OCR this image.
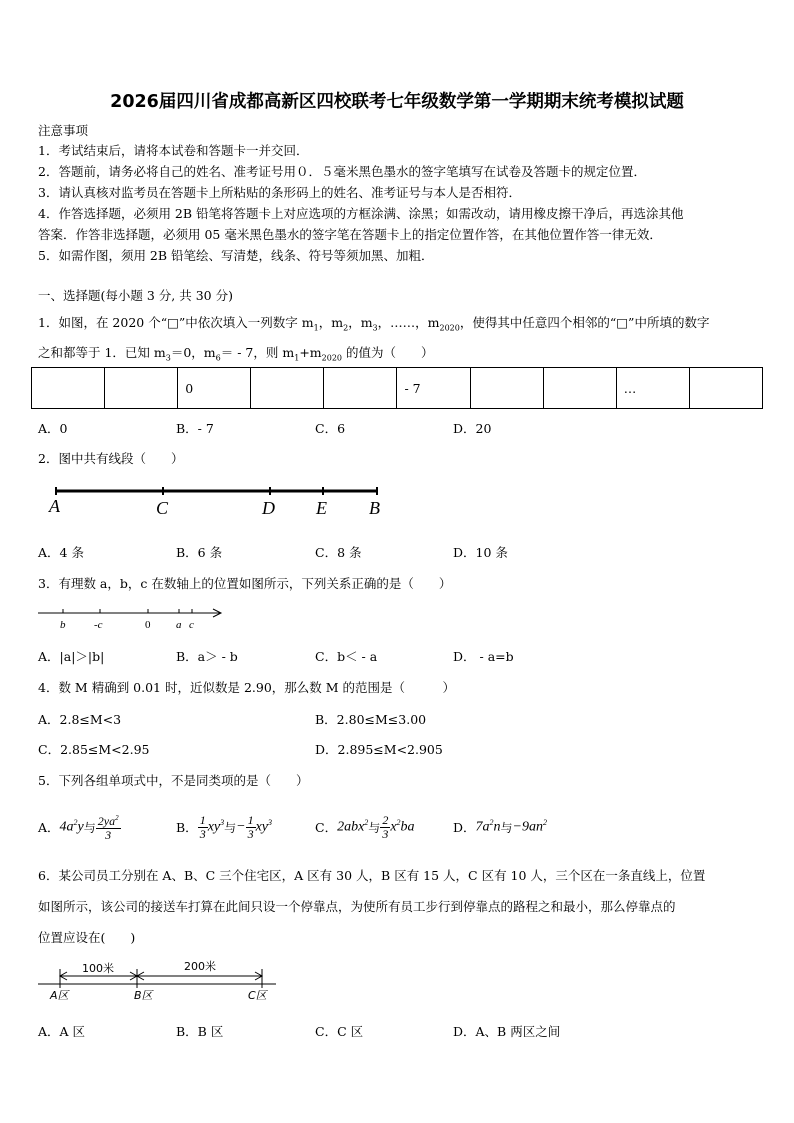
2026届四川省成都高新区四校联考七年级数学第一学期期末统考模拟试题
注意事项
1．考试结束后，请将本试卷和答题卡一并交回．
2．答题前，请务必将自己的姓名、准考证号用０．５毫米黑色墨水的签字笔填写在试卷及答题卡的规定位置．
3．请认真核对监考员在答题卡上所粘贴的条形码上的姓名、准考证号与本人是否相符．
4．作答选择题，必须用 2B 铅笔将答题卡上对应选项的方框涂满、涂黑；如需改动，请用橡皮擦干净后，再选涂其他
答案．作答非选择题，必须用 05 毫米黑色墨水的签字笔在答题卡上的指定位置作答，在其他位置作答一律无效．
5．如需作图，须用 2B 铅笔绘、写清楚，线条、符号等须加黑、加粗．
一、选择题(每小题 3 分, 共 30 分)
1．如图，在 2020 个“□”中依次填入一列数字 $m_1$，$m_2$，$m_3$，……，$m_{2020}$，使得其中任意四个相邻的“□”中所填的数字
之和都等于 1．已知 $m_3=0$，$m_6= - 7$，则 $m_1+m_{2020}$ 的值为（　　）
		0			- 7			…	
A．0	B．- 7	C．6	D．20
2．图中共有线段（　　）
A	C	D E B
A．4 条	B．6 条	C．8 条	D．10 条
3．有理数 a，b，c 在数轴上的位置如图所示，下列关系正确的是（　　）
b	-c	0 a c
A．|a|＞|b|	B．a＞ - b	C．b＜ - a	D． - a=b
4．数 M 精确到 0.01 时，近似数是 2.90，那么数 M 的范围是（　　　）
A．2.8≤M<3	B．2.80≤M≤3.00
C．2.85≤M<2.95	D．2.895≤M<2.905
5．下列各组单项式中，不是同类项的是（　　）
A． $4a^2y$ 与 $\frac{2ya^2}{3}$	B． $\frac{1}{3} xy^3$ 与 − $\frac{1}{3} xy^3$	C． 2abx$^2$ 与 $\frac{2}{3} x^2ba$	D． $7a^2n$ 与 $-9an^2$
6．某公司员工分别在 A、B、C 三个住宅区，A 区有 30 人，B 区有 15 人，C 区有 10 人，三个区在一条直线上，位置
如图所示，该公司的接送车打算在此间只设一个停靠点，为使所有员工步行到停靠点的路程之和最小，那么停靠点的
位置应设在(　　)
100米	200米
A区	B区	C区
A．A 区	B．B 区	C．C 区	D．A、B 两区之间
